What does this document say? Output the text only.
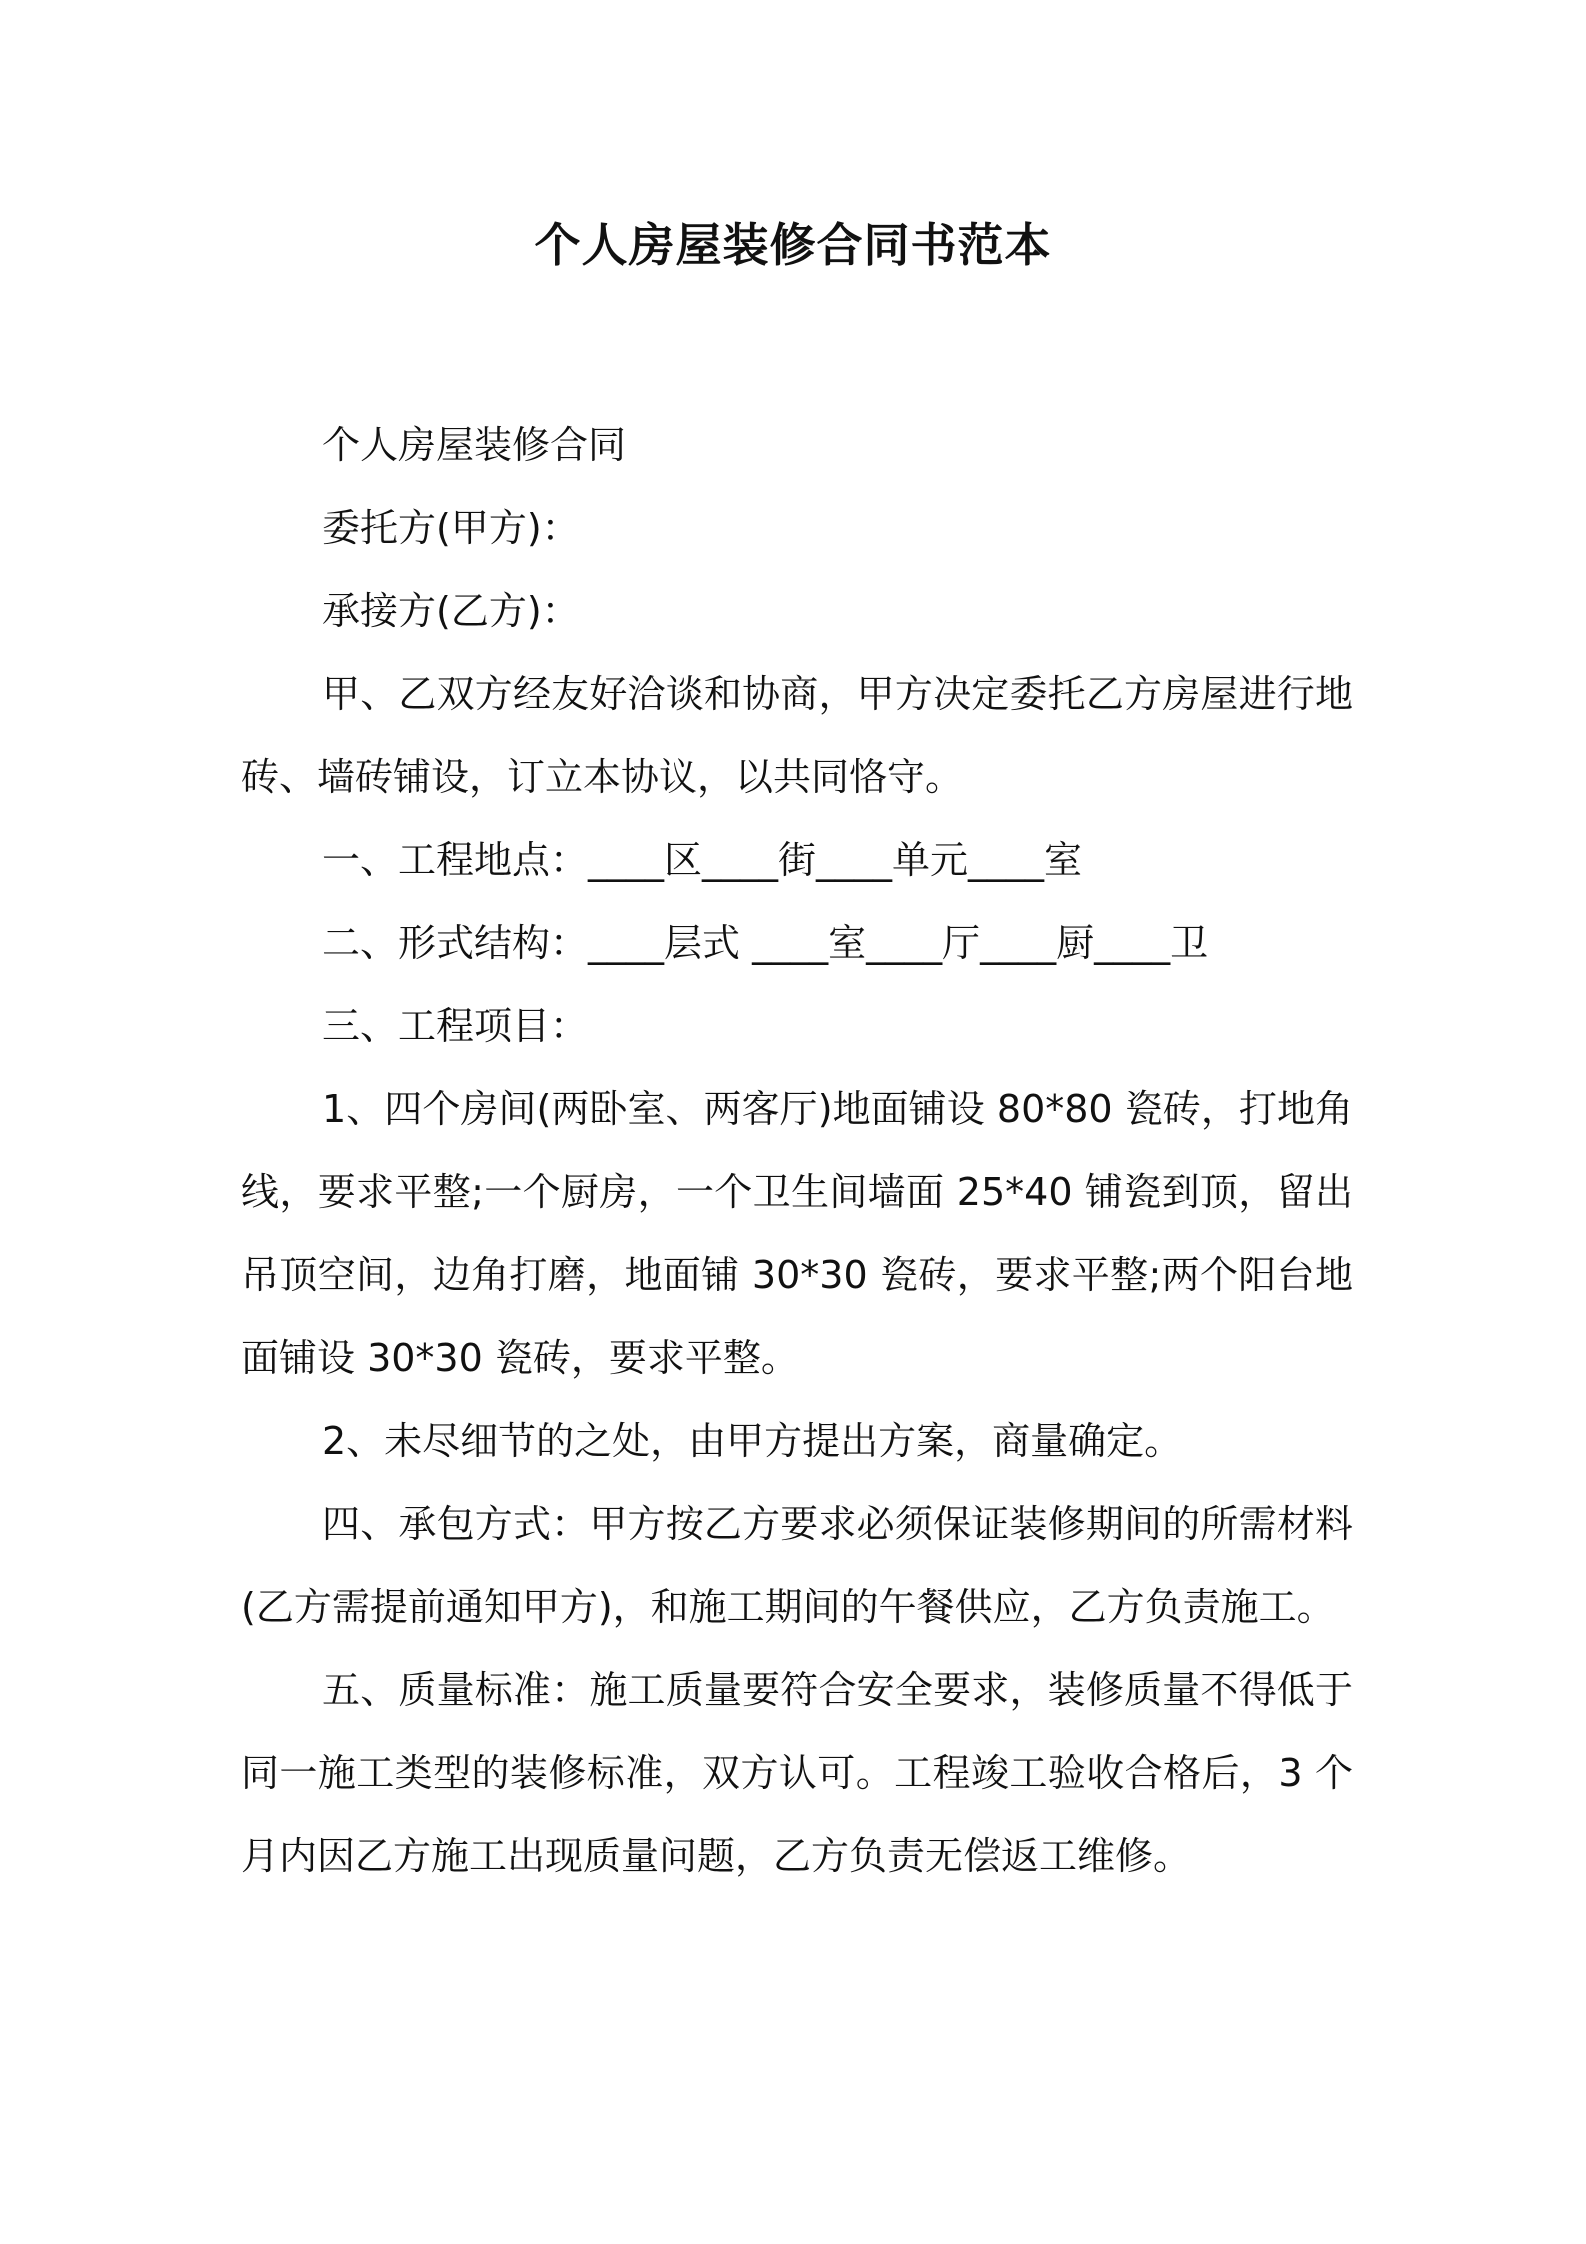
个人房屋装修合同书范本

个人房屋装修合同

委托方(甲方)：

承接方(乙方)：

甲、乙双方经友好洽谈和协商，甲方决定委托乙方房屋进行地砖、墙砖铺设，订立本协议，以共同恪守。

一、工程地点：____区____街____单元____室

二、形式结构：____层式 ____室____厅____厨____卫

三、工程项目：

1、四个房间(两卧室、两客厅)地面铺设 80*80 瓷砖，打地角线，要求平整;一个厨房，一个卫生间墙面 25*40 铺瓷到顶，留出吊顶空间，边角打磨，地面铺 30*30 瓷砖，要求平整;两个阳台地面铺设 30*30 瓷砖，要求平整。

2、未尽细节的之处，由甲方提出方案，商量确定。

四、承包方式：甲方按乙方要求必须保证装修期间的所需材料(乙方需提前通知甲方)，和施工期间的午餐供应，乙方负责施工。

五、质量标准：施工质量要符合安全要求，装修质量不得低于同一施工类型的装修标准，双方认可。工程竣工验收合格后，3 个月内因乙方施工出现质量问题，乙方负责无偿返工维修。
